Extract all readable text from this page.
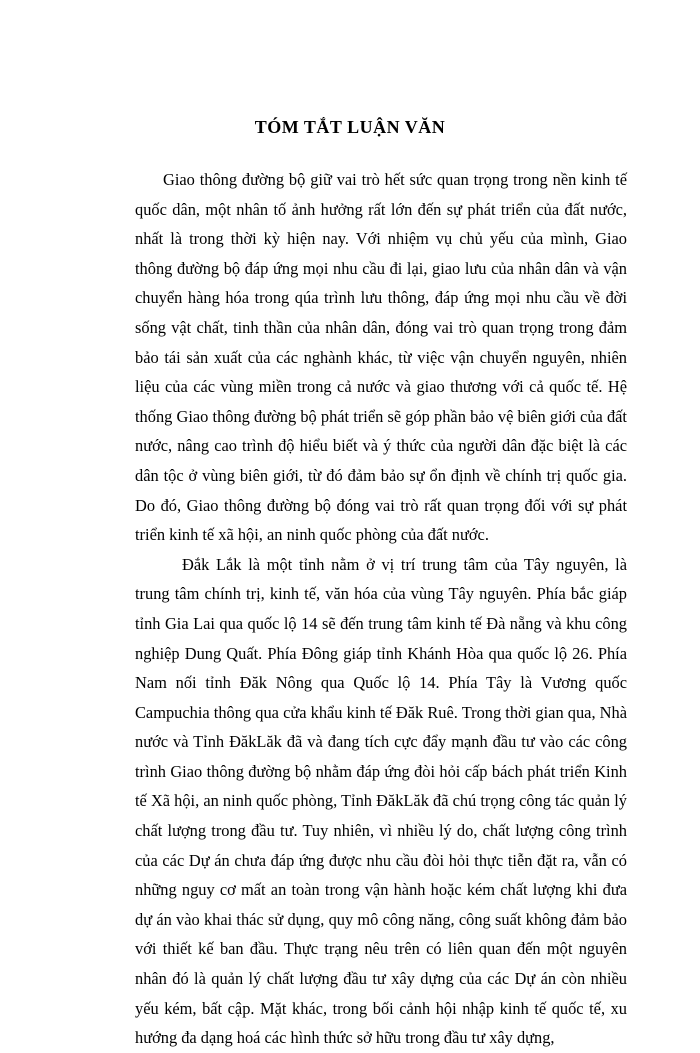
TÓM TẮT LUẬN VĂN

Giao thông đường bộ giữ vai trò hết sức quan trọng trong nền kinh tế quốc dân, một nhân tố ảnh hưởng rất lớn đến sự phát triển của đất nước, nhất là trong thời kỳ hiện nay. Với nhiệm vụ chủ yếu của mình, Giao thông đường bộ đáp ứng mọi nhu cầu đi lại, giao lưu của nhân dân và vận chuyển hàng hóa trong qúa trình lưu thông, đáp ứng mọi nhu cầu về đời sống vật chất, tinh thần của nhân dân, đóng vai trò quan trọng trong đảm bảo tái sản xuất của các nghành khác, từ việc vận chuyển nguyên, nhiên liệu của các vùng miền trong cả nước và giao thương với cả quốc tế. Hệ thống Giao thông đường bộ phát triển sẽ góp phần bảo vệ biên giới của đất nước, nâng cao trình độ hiểu biết và ý thức của người dân đặc biệt là các dân tộc ở vùng biên giới, từ đó đảm bảo sự ổn định về chính trị quốc gia. Do đó, Giao thông đường bộ đóng vai trò rất quan trọng đối với sự phát triển kinh tế xã hội, an ninh quốc phòng của đất nước.

Đắk Lắk là một tỉnh nằm ở vị trí trung tâm của Tây nguyên, là trung tâm chính trị, kinh tế, văn hóa của vùng Tây nguyên. Phía bắc giáp tỉnh Gia Lai qua quốc lộ 14 sẽ đến trung tâm kinh tế Đà nẵng và khu công nghiệp Dung Quất. Phía Đông giáp tỉnh Khánh Hòa qua quốc lộ 26. Phía Nam nối tỉnh Đăk Nông qua Quốc lộ 14. Phía Tây là Vương quốc Campuchia thông qua cửa khẩu kinh tế Đăk Ruê. Trong thời gian qua, Nhà nước và Tỉnh ĐăkLăk đã và đang tích cực đẩy mạnh đầu tư vào các công trình Giao thông đường bộ nhằm đáp ứng đòi hỏi cấp bách phát triển Kinh tế Xã hội, an ninh quốc phòng, Tỉnh ĐăkLăk đã chú trọng công tác quản lý chất lượng trong đầu tư. Tuy nhiên, vì nhiều lý do, chất lượng công trình của các Dự án chưa đáp ứng được nhu cầu đòi hỏi thực tiễn đặt ra, vẫn có những nguy cơ mất an toàn trong vận hành hoặc kém chất lượng khi đưa dự án vào khai thác sử dụng, quy mô công năng, công suất không đảm bảo với thiết kế ban đầu. Thực trạng nêu trên có liên quan đến một nguyên nhân đó là quản lý chất lượng đầu tư xây dựng của các Dự án còn nhiều yếu kém, bất cập. Mặt khác, trong bối cảnh hội nhập kinh tế quốc tế, xu hướng đa dạng hoá các hình thức sở hữu trong đầu tư xây dựng,
